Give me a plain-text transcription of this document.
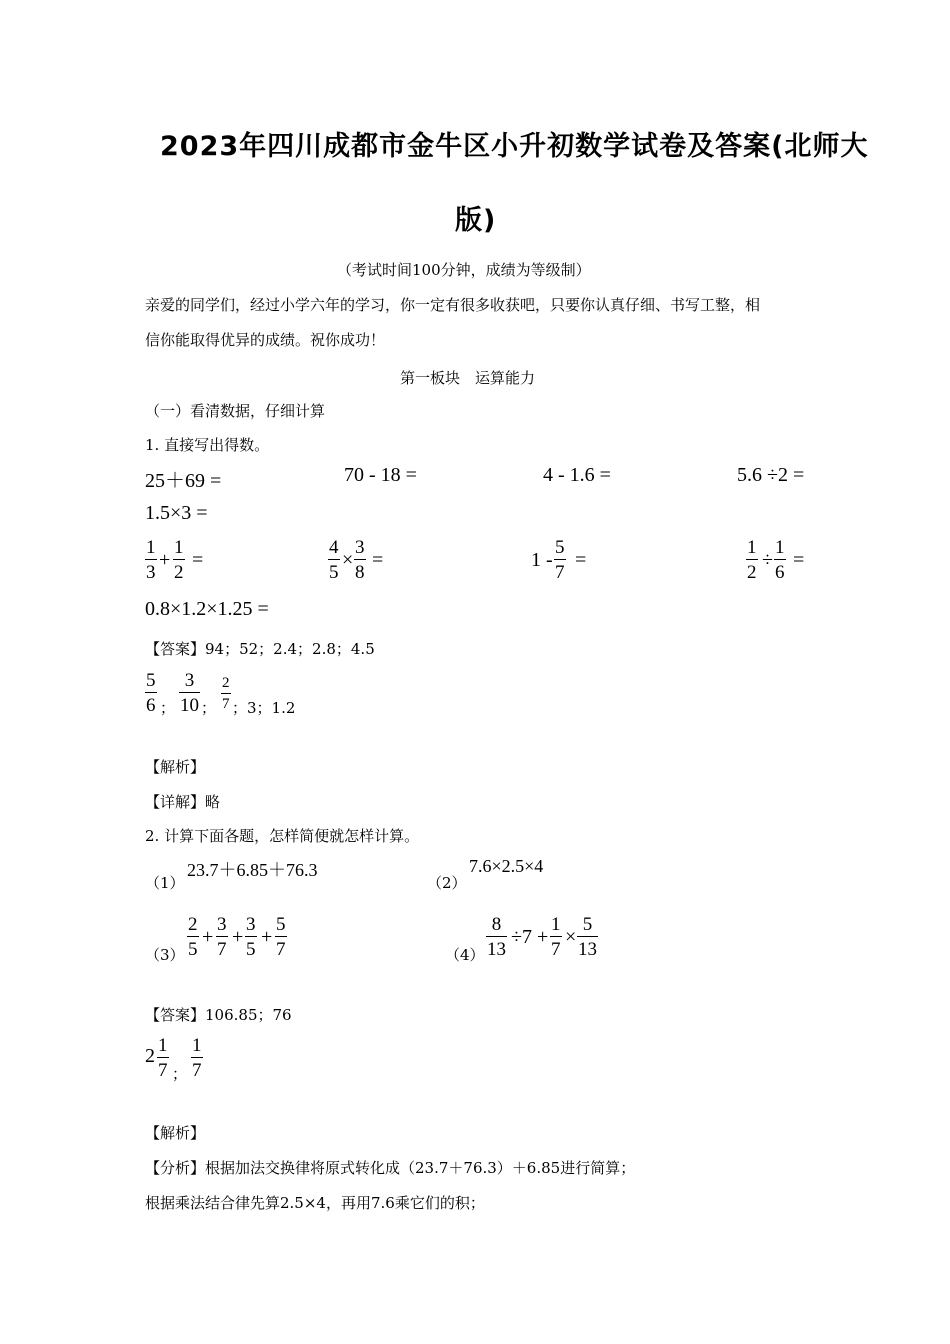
2023年四川成都市金牛区小升初数学试卷及答案(北师大
版)
（考试时间100分钟，成绩为等级制）
亲爱的同学们，经过小学六年的学习，你一定有很多收获吧，只要你认真仔细、书写工整，相
信你能取得优异的成绩。祝你成功！
第一板块　运算能力
（一）看清数据，仔细计算
1. 直接写出得数。
25＋69 =	70 - 18 =	4 - 1.6 =	5.6 ÷2 =
1.5×3 =
1
3
+
1
2
=
4
5
×
3
8
=	1 -
5
7
=
1
2
÷
1
6
=
0.8×1.2×1.25 =
【答案】94；52；2.4；2.8；4.5
5
6 ；
3
10 ；
2
7 ；3；1.2
【解析】
【详解】略
2. 计算下面各题，怎样简便就怎样计算。
（1）
23.7＋6.85＋76.3
（2）
7.6×2.5×4
（3）
2
5
+
3
7
+
3
5
+
5
7	（4）
8
13
÷7 +
1
7
×
5
13
【答案】106.85；76
2 1
7 ；
1
7
【解析】
【分析】根据加法交换律将原式转化成（23.7＋76.3）＋6.85进行简算；
根据乘法结合律先算2.5×4，再用7.6乘它们的积；
